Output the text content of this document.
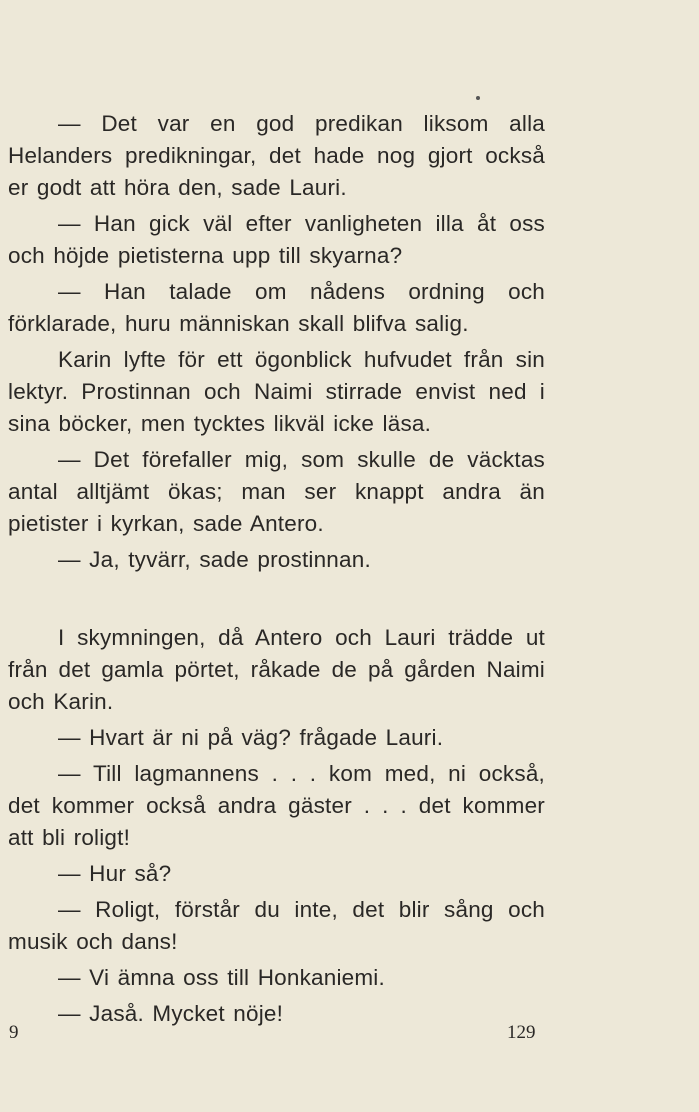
— Det var en god predikan liksom alla Helanders predikningar, det hade nog gjort också er godt att höra den, sade Lauri.

— Han gick väl efter vanligheten illa åt oss och höjde pietisterna upp till skyarna?

— Han talade om nådens ordning och förklarade, huru människan skall blifva salig.

Karin lyfte för ett ögonblick hufvudet från sin lektyr. Prostinnan och Naimi stirrade envist ned i sina böcker, men tycktes likväl icke läsa.

— Det förefaller mig, som skulle de väcktas antal alltjämt ökas; man ser knappt andra än pietister i kyrkan, sade Antero.

— Ja, tyvärr, sade prostinnan.

I skymningen, då Antero och Lauri trädde ut från det gamla pörtet, råkade de på gården Naimi och Karin.

— Hvart är ni på väg? frågade Lauri.

— Till lagmannens . . . kom med, ni också, det kommer också andra gäster . . . det kommer att bli roligt!

— Hur så?

— Roligt, förstår du inte, det blir sång och musik och dans!

— Vi ämna oss till Honkaniemi.

— Jaså. Mycket nöje!

9	129
